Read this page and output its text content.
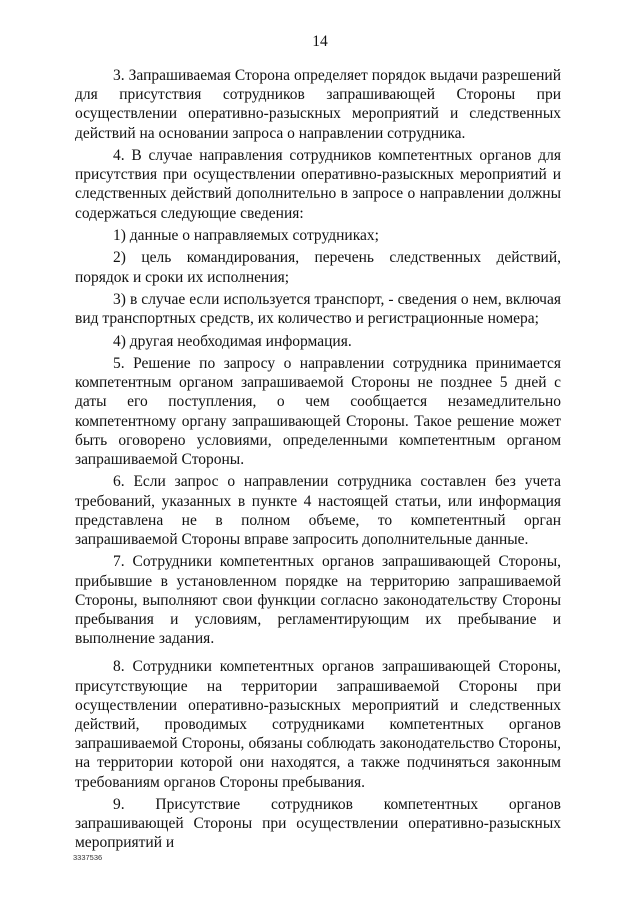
14

3. Запрашиваемая Сторона определяет порядок выдачи разрешений для присутствия сотрудников запрашивающей Стороны при осуществлении оперативно-разыскных мероприятий и следственных действий на основании запроса о направлении сотрудника.

4. В случае направления сотрудников компетентных органов для присутствия при осуществлении оперативно-разыскных мероприятий и следственных действий дополнительно в запросе о направлении должны содержаться следующие сведения:

1) данные о направляемых сотрудниках;

2) цель командирования, перечень следственных действий, порядок и сроки их исполнения;

3) в случае если используется транспорт, - сведения о нем, включая вид транспортных средств, их количество и регистрационные номера;

4) другая необходимая информация.

5. Решение по запросу о направлении сотрудника принимается компетентным органом запрашиваемой Стороны не позднее 5 дней с даты его поступления, о чем сообщается незамедлительно компетентному органу запрашивающей Стороны. Такое решение может быть оговорено условиями, определенными компетентным органом запрашиваемой Стороны.

6. Если запрос о направлении сотрудника составлен без учета требований, указанных в пункте 4 настоящей статьи, или информация представлена не в полном объеме, то компетентный орган запрашиваемой Стороны вправе запросить дополнительные данные.

7. Сотрудники компетентных органов запрашивающей Стороны, прибывшие в установленном порядке на территорию запрашиваемой Стороны, выполняют свои функции согласно законодательству Стороны пребывания и условиям, регламентирующим их пребывание и выполнение задания.

8. Сотрудники компетентных органов запрашивающей Стороны, присутствующие на территории запрашиваемой Стороны при осуществлении оперативно-разыскных мероприятий и следственных действий, проводимых сотрудниками компетентных органов запрашиваемой Стороны, обязаны соблюдать законодательство Стороны, на территории которой они находятся, а также подчиняться законным требованиям органов Стороны пребывания.

9. Присутствие сотрудников компетентных органов запрашивающей Стороны при осуществлении оперативно-разыскных мероприятий и

3337536
